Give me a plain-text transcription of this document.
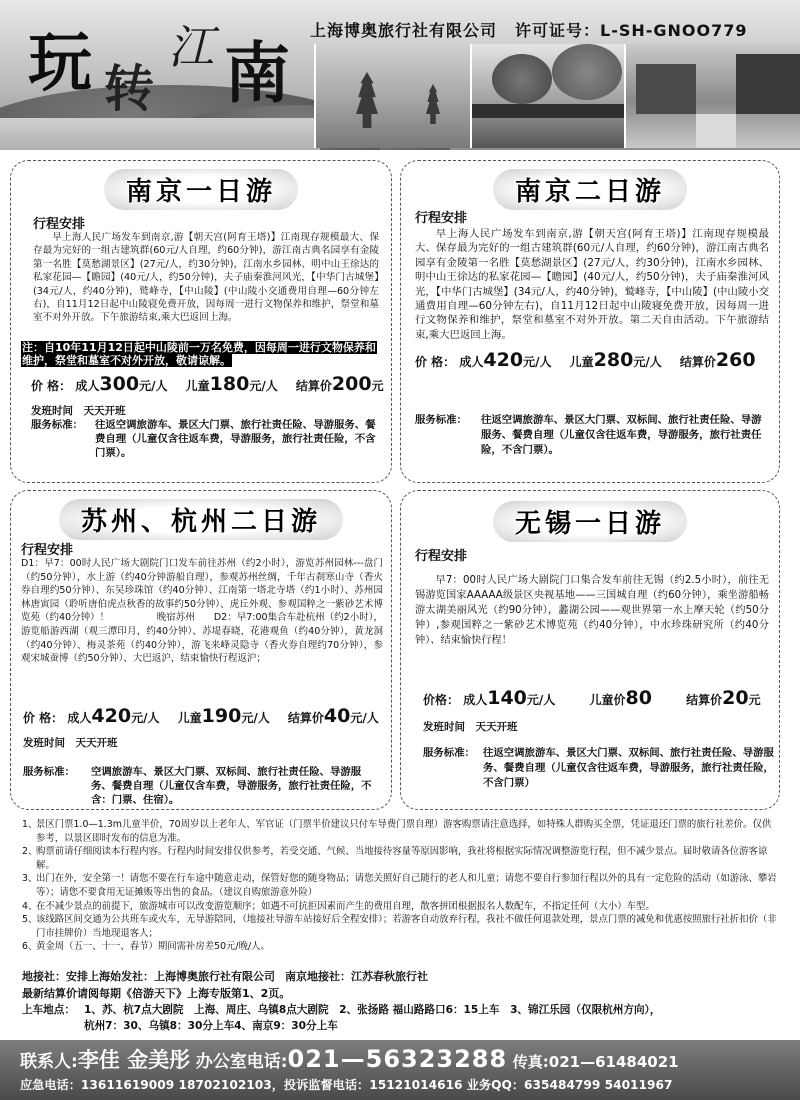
玩 转
江 南
上海博奥旅行社有限公司 许可证号：L-SH-GNOO779
南京一日游
行程安排
早上海人民广场发车到南京,游【朝天宫(阿育王塔)】江南现存规模最大、保存最为完好的一组古建筑群(60元/人自理，约60分钟)，游江南古典名园享有金陵第一名胜【莫愁湖景区】(27元/人，约30分钟)，江南水乡园林、明中山王徐达的私家花园—【瞻园】(40元/人，约50分钟)，夫子庙秦淮河风光，【中华门古城堡】(34元/人，约40分钟)，鹫峰寺，【中山陵】(中山陵小交通费用自理—60分钟左右)，自11月12日起中山陵寝免费开放，因每周一进行文物保养和维护，祭堂和墓室不对外开放。下午旅游结束,乘大巴返回上海。
注：自10年11月12日起中山陵前一万名免费，因每周一进行文物保养和维护，祭堂和墓室不对外开放，敬请谅解。
价 格： 成人300元/人 儿童180元/人 结算价200元
发班时间　天天开班
服务标准： 往返空调旅游车、景区大门票、旅行社责任险、导游服务、餐费自理（儿童仅含往返车费，导游服务，旅行社责任险，不含门票）。
南京二日游
行程安排
早上海人民广场发车到南京,游【朝天宫(阿育王塔)】江南现存规模最大、保存最为完好的一组古建筑群(60元/人自理，约60分钟)，游江南古典名园享有金陵第一名胜【莫愁湖景区】(27元/人，约30分钟)，江南水乡园林、明中山王徐达的私家花园—【瞻园】(40元/人，约50分钟)，夫子庙秦淮河风光，【中华门古城堡】(34元/人，约40分钟)，鹫峰寺，【中山陵】(中山陵小交通费用自理—60分钟左右)，自11月12日起中山陵寝免费开放，因每周一进行文物保养和维护，祭堂和墓室不对外开放。第二天自由活动。下午旅游结束,乘大巴返回上海。
价 格： 成人420元/人 儿童280元/人 结算价260
服务标准： 往返空调旅游车、景区大门票、双标间、旅行社责任险、导游服务、餐费自理（儿童仅含往返车费，导游服务，旅行社责任险，不含门票）。
苏州、杭州二日游
行程安排
D1：早7：00时人民广场大剧院门口发车前往苏州（约2小时），游览苏州园林---盘门（约50分钟），水上游（约40分钟游船自理），参观苏州丝绸，千年古刹寒山寺（香火券自理约50分钟）、东吴珍珠馆（约40分钟）、江南第一塔北寺塔（约1小时）、苏州园林唐寅园（聆听唐伯虎点秋香的故事约50分钟）、虎丘外观、参观国粹之一紫砂艺术博览苑（约40分钟）！　　　　　晚宿苏州　　D2：早7:00集合车赴杭州（约2小时），游览船游西湖（观三潭印月，约40分钟）、苏堤春晓，花港观鱼（约40分钟），黄龙洞（约40分钟）、梅灵茶苑（约40分钟），游飞来峰灵隐寺（香火券自理约70分钟），参观宋城蚕博（约50分钟）、大巴返沪，结束愉快行程返沪；
价 格： 成人420元/人 儿童190元/人 结算价40元/人
发班时间　天天开班
服务标准： 空调旅游车、景区大门票、双标间、旅行社责任险、导游服务、餐费自理（儿童仅含车费，导游服务，旅行社责任险，不含：门票、住宿）。
无锡一日游
行程安排
早7：00时人民广场大剧院门口集合发车前往无锡（约2.5小时），前往无锡游览国家AAAAA级景区央视基地——三国城自理（约60分钟），乘坐游船畅游太湖美丽风光（约90分钟），蠡湖公园——观世界第一水上摩天轮（约50分钟）,参观国粹之一紫砂艺术博览苑（约40分钟），中水珍珠研究所（约40分钟）、结束愉快行程！
价格： 成人140元/人	儿童价80	结算价20元
发班时间　天天开班
服务标准： 往返空调旅游车、景区大门票、双标间、旅行社责任险、导游服务、餐费自理（儿童仅含往返车费，导游服务，旅行社责任险，不含门票）
1、
景区门票1.0—1.3m儿童半价，70周岁以上老年人、军官证（门票半价建议只付车导费门票自理）游客购票请注意选择，如特殊人群购买全票，凭证退还门票的旅行社差价。仅供参考，以景区即时发布的信息为准。
2、
购票前请仔细阅读本行程内容。行程内时间安排仅供参考，若受交通、气候、当地接待容量等原因影响，我社将根据实际情况调整游览行程，但不减少景点。届时敬请各位游客谅解。
3、
出门在外，安全第一！请您不要在行车途中随意走动，保管好您的随身物品；请您关照好自己随行的老人和儿童；请您不要自行参加行程以外的具有一定危险的活动（如游泳、攀岩等）；请您不要食用无证摊贩等出售的食品。（建议自购旅游意外险）
4、
在不减少景点的前提下，旅游城市可以改变游览顺序；如遇不可抗拒因素而产生的费用自理，散客拼团根据报名人数配车，不指定任何（大小）车型。
5、
该线路区间交通为公共班车或火车，无导游陪同，（地接社导游车站接好后全程安排）；若游客自动放弃行程，我社不做任何退款处理，景点门票的减免和优惠按照旅行社折扣价（非门市挂牌价）当地现退客人；
6、
黄金周（五一、十一、春节）期间需补房差50元/晚/人。
地接社：安排上海始发社：上海博奥旅行社有限公司 南京地接社：江苏春秋旅行社
最新结算价请阅每期《倍游天下》上海专版第1、2页。
上车地点： 1、苏、杭7点大剧院　上海、周庄、乌镇8点大剧院　2、张扬路 福山路路口6：15上车　3、锦江乐园（仅限杭州方向），
杭州7：30、乌镇8：30分上车4、南京9：30分上车
联系人:李佳 金美彤 办公室电话:021—56323288 传真:021—61484021
应急电话：13611619009 18702102103，投诉监督电话：15121014616 业务QQ：635484799 54011967
